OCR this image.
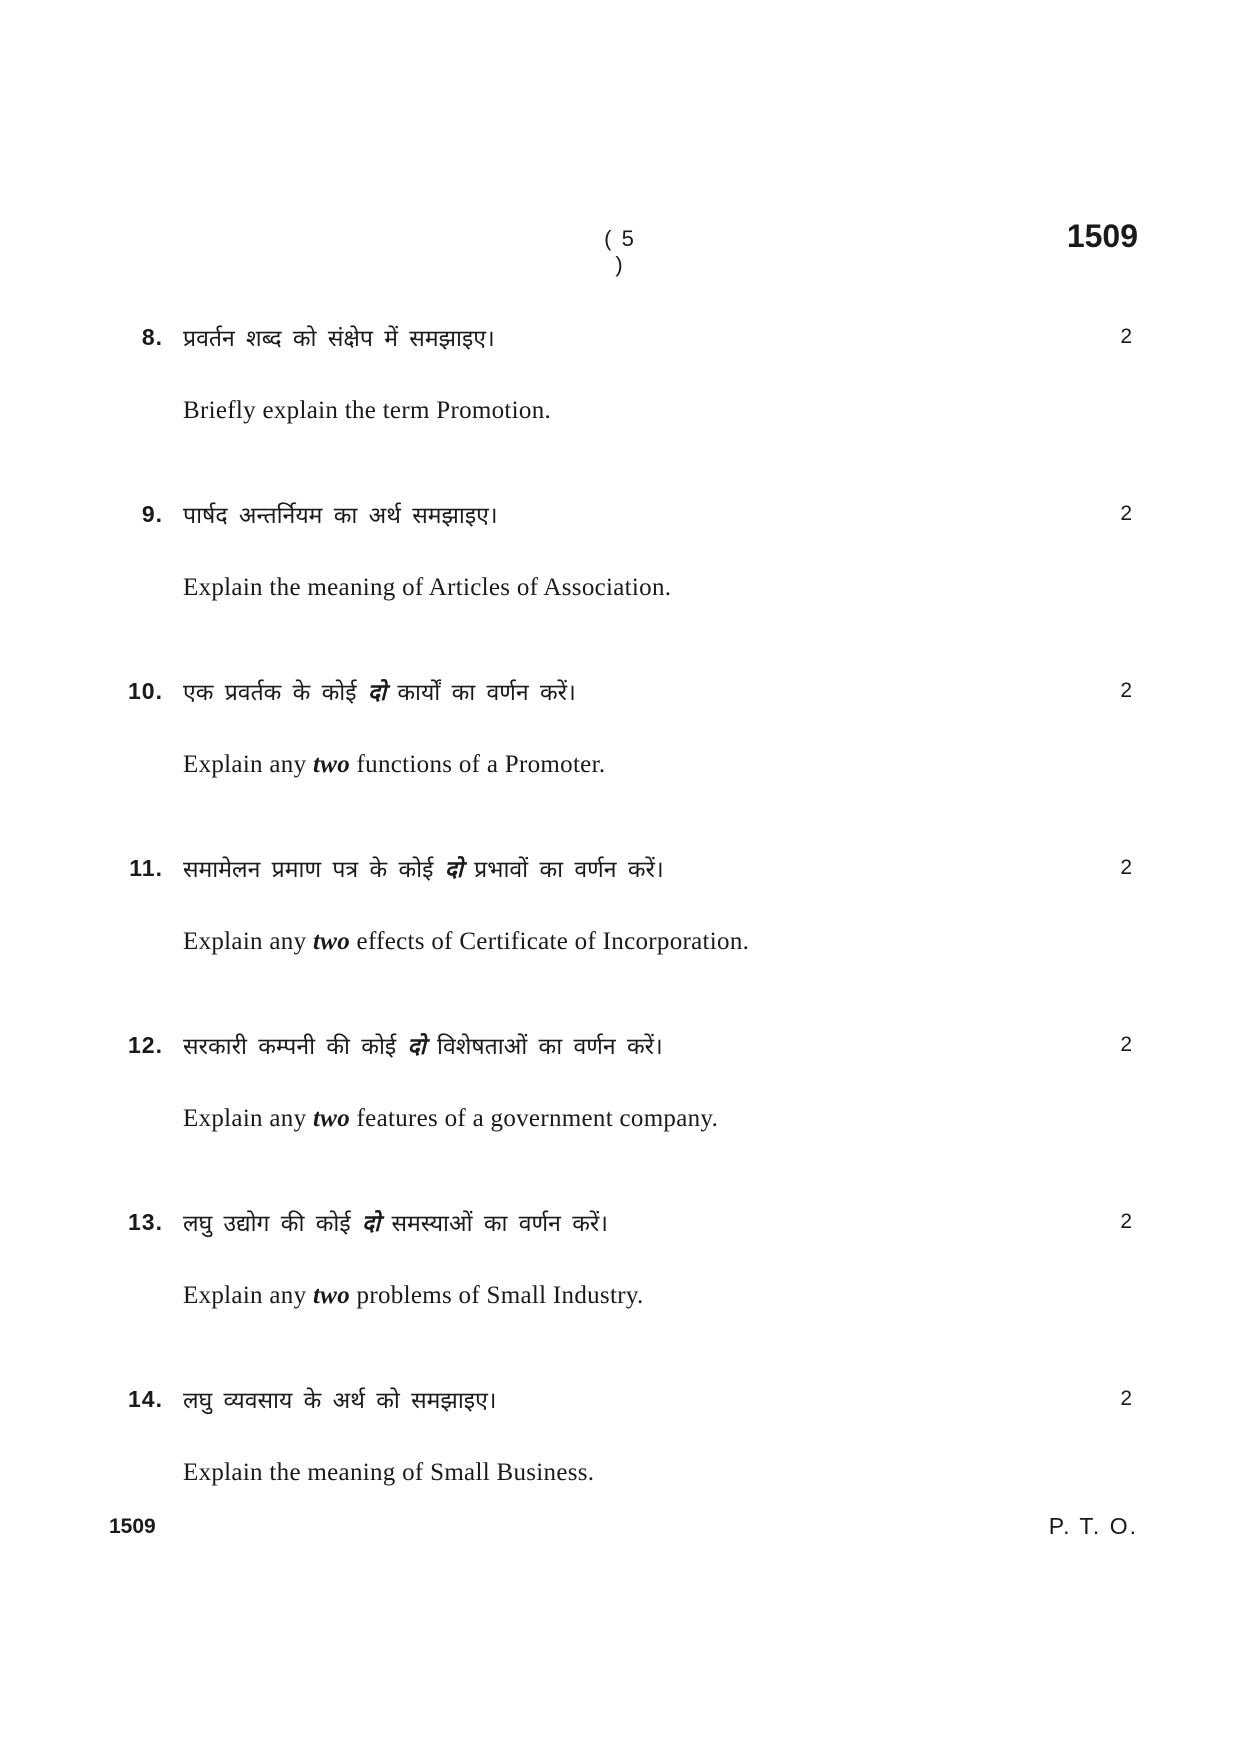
( 5 )
1509
8. प्रवर्तन शब्द को संक्षेप में समझाइए।	2
Briefly explain the term Promotion.
9. पार्षद अन्तर्नियम का अर्थ समझाइए।	2
Explain the meaning of Articles of Association.
10. एक प्रवर्तक के कोई दो कार्यों का वर्णन करें।	2
Explain any two functions of a Promoter.
11. समामेलन प्रमाण पत्र के कोई दो प्रभावों का वर्णन करें।	2
Explain any two effects of Certificate of Incorporation.
12. सरकारी कम्पनी की कोई दो विशेषताओं का वर्णन करें।	2
Explain any two features of a government company.
13. लघु उद्योग की कोई दो समस्याओं का वर्णन करें।	2
Explain any two problems of Small Industry.
14. लघु व्यवसाय के अर्थ को समझाइए।	2
Explain the meaning of Small Business.
1509	P. T. O.
